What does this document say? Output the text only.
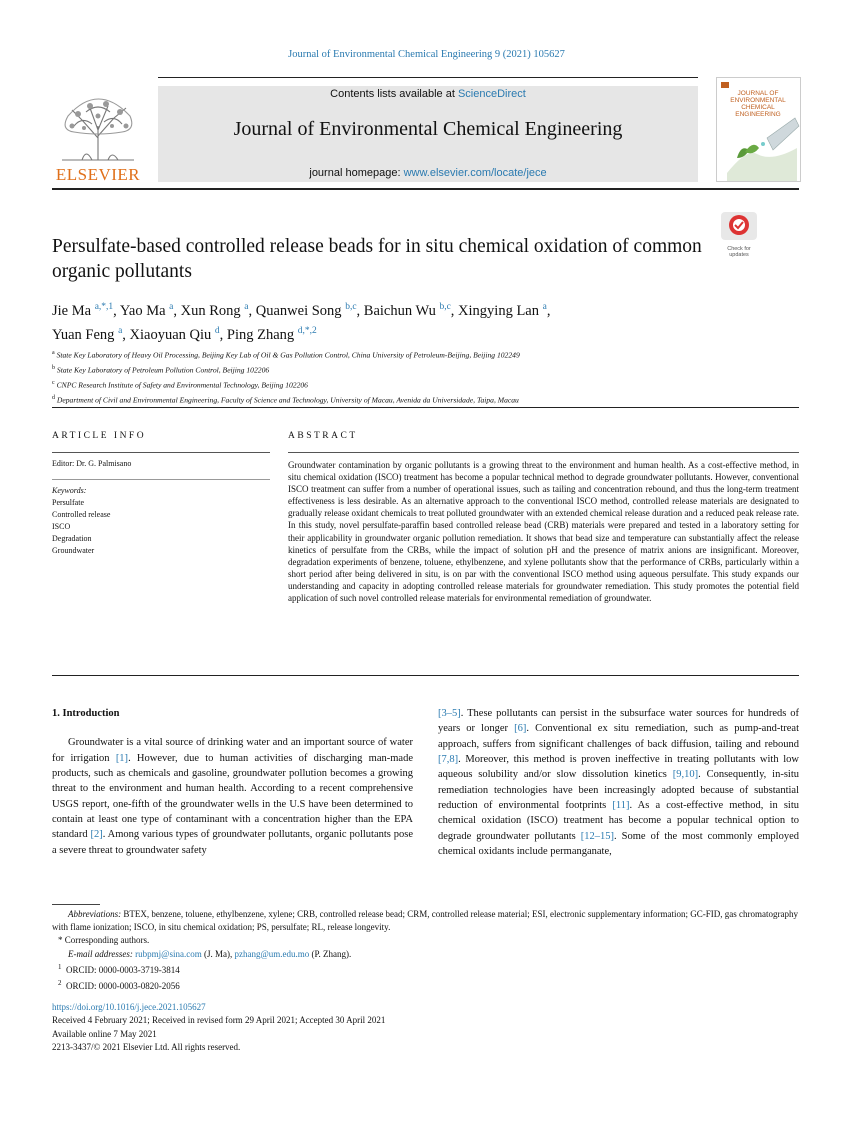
Journal of Environmental Chemical Engineering 9 (2021) 105627
ELSEVIER
Contents lists available at ScienceDirect
Journal of Environmental Chemical Engineering
journal homepage: www.elsevier.com/locate/jece
JOURNAL OF ENVIRONMENTAL CHEMICAL ENGINEERING
Check for updates
Persulfate-based controlled release beads for in situ chemical oxidation of common organic pollutants
Jie Ma $^{a,*,1}$, Yao Ma $^a$, Xun Rong $^a$, Quanwei Song $^{b,c}$, Baichun Wu $^{b,c}$, Xingying Lan $^a$,
Yuan Feng $^a$, Xiaoyuan Qiu $^d$, Ping Zhang $^{d,*,2}$
$^a$ State Key Laboratory of Heavy Oil Processing, Beijing Key Lab of Oil & Gas Pollution Control, China University of Petroleum-Beijing, Beijing 102249
$^b$ State Key Laboratory of Petroleum Pollution Control, Beijing 102206
$^c$ CNPC Research Institute of Safety and Environmental Technology, Beijing 102206
$^d$ Department of Civil and Environmental Engineering, Faculty of Science and Technology, University of Macau, Avenida da Universidade, Taipa, Macau
ARTICLE INFO	ABSTRACT
Editor: Dr. G. Palmisano
Keywords:
Persulfate
Controlled release
ISCO
Degradation
Groundwater
Groundwater contamination by organic pollutants is a growing threat to the environment and human health. As a cost-effective method, in situ chemical oxidation (ISCO) treatment has become a popular technical method to degrade groundwater pollutants. However, conventional ISCO treatment can suffer from a number of operational issues, such as tailing and concentration rebound, and thus the long-term treatment effectiveness is less desirable. As an alternative approach to the conventional ISCO method, controlled release materials are designated to gradually release oxidant chemicals to treat polluted groundwater with an extended chemical release duration and a reduced peak release rate. In this study, novel persulfate-paraffin based controlled release bead (CRB) materials were prepared and tested in a laboratory setting for their applicability in groundwater organic pollution remediation. It shows that bead size and temperature can substantially affect the release kinetics of persulfate from the CRBs, while the impact of solution pH and the presence of matrix anions are insignificant. Moreover, degradation experiments of benzene, toluene, ethylbenzene, and xylene pollutants show that the performance of CRBs, particularly within a short period after being delivered in situ, is on par with the conventional ISCO method using aqueous persulfate. This study expands our understanding and capacity in adopting controlled release materials for groundwater remediation. This study promotes the potential field application of such novel controlled release materials for environmental remediation of groundwater.
1. Introduction

Groundwater is a vital source of drinking water and an important source of water for irrigation [1]. However, due to human activities of discharging man-made products, such as chemicals and gasoline, groundwater pollution becomes a growing threat to the environment and human health. According to a recent comprehensive USGS report, one-fifth of the groundwater wells in the U.S have been determined to contain at least one type of contaminant with a concentration higher than the EPA standard [2]. Among various types of groundwater pollutants, organic pollutants pose a severe threat to groundwater safety

[3–5]. These pollutants can persist in the subsurface water sources for hundreds of years or longer [6]. Conventional ex situ remediation, such as pump-and-treat approach, suffers from significant challenges of back diffusion, tailing and rebound [7,8]. Moreover, this method is proven ineffective in treating pollutants with low aqueous solubility and/or slow dissolution kinetics [9,10]. Consequently, in-situ remediation technologies have been increasingly adopted because of substantial reduction of environmental footprints [11]. As a cost-effective method, in situ chemical oxidation (ISCO) treatment has become a popular technical option to degrade groundwater pollutants [12–15]. Some of the most commonly employed chemical oxidants include permanganate,

Abbreviations: BTEX, benzene, toluene, ethylbenzene, xylene; CRB, controlled release bead; CRM, controlled release material; ESI, electronic supplementary information; GC-FID, gas chromatography with flame ionization; ISCO, in situ chemical oxidation; PS, persulfate; RL, release longevity.

* Corresponding authors.

E-mail addresses: rubpmj@sina.com (J. Ma), pzhang@um.edu.mo (P. Zhang).

$^1$ ORCID: 0000-0003-3719-3814

$^2$ ORCID: 0000-0003-0820-2056

https://doi.org/10.1016/j.jece.2021.105627

Received 4 February 2021; Received in revised form 29 April 2021; Accepted 30 April 2021

Available online 7 May 2021

2213-3437/© 2021 Elsevier Ltd. All rights reserved.
